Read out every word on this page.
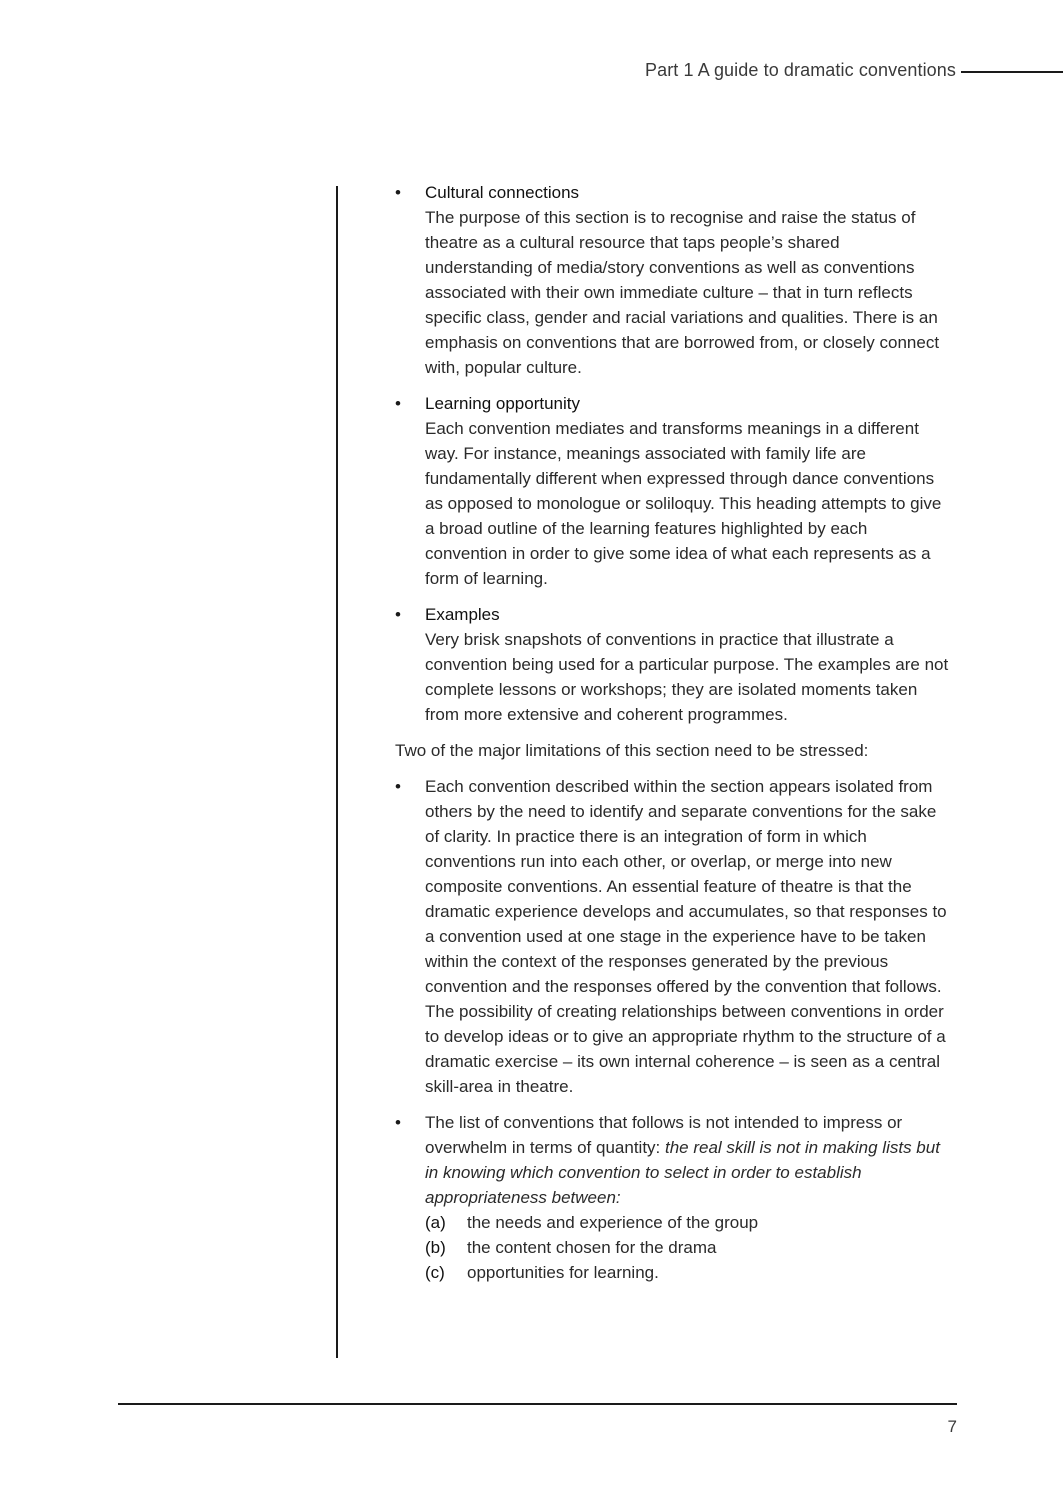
Part 1 A guide to dramatic conventions
• Cultural connections
The purpose of this section is to recognise and raise the status of theatre as a cultural resource that taps people’s shared understanding of media/story conventions as well as conventions associated with their own immediate culture – that in turn reflects specific class, gender and racial variations and qualities. There is an emphasis on conventions that are borrowed from, or closely connect with, popular culture.
• Learning opportunity
Each convention mediates and transforms meanings in a different way. For instance, meanings associated with family life are fundamentally different when expressed through dance conventions as opposed to monologue or soliloquy. This heading attempts to give a broad outline of the learning features highlighted by each convention in order to give some idea of what each represents as a form of learning.
• Examples
Very brisk snapshots of conventions in practice that illustrate a convention being used for a particular purpose. The examples are not complete lessons or workshops; they are isolated moments taken from more extensive and coherent programmes.

Two of the major limitations of this section need to be stressed:

• Each convention described within the section appears isolated from others by the need to identify and separate conventions for the sake of clarity. In practice there is an integration of form in which conventions run into each other, or overlap, or merge into new composite conventions. An essential feature of theatre is that the dramatic experience develops and accumulates, so that responses to a convention used at one stage in the experience have to be taken within the context of the responses generated by the previous convention and the responses offered by the convention that follows. The possibility of creating relationships between conventions in order to develop ideas or to give an appropriate rhythm to the structure of a dramatic exercise – its own internal coherence – is seen as a central skill-area in theatre.
• The list of conventions that follows is not intended to impress or overwhelm in terms of quantity: the real skill is not in making lists but in knowing which convention to select in order to establish appropriateness between:
(a) the needs and experience of the group
(b) the content chosen for the drama
(c) opportunities for learning.
7
